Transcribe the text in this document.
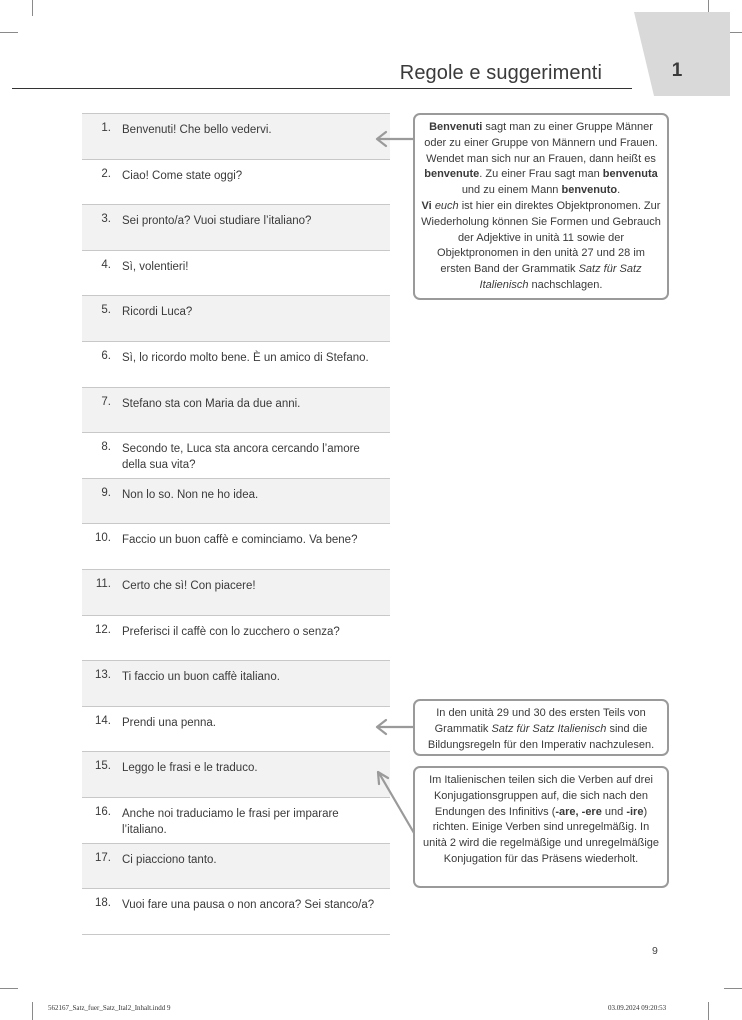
Regole e suggerimenti	1
1. Benvenuti! Che bello vedervi.
2. Ciao! Come state oggi?
3. Sei pronto/a? Vuoi studiare l’italiano?
4. Sì, volentieri!
5. Ricordi Luca?
6. Sì, lo ricordo molto bene. È un amico di Stefano.
7. Stefano sta con Maria da due anni.
8. Secondo te, Luca sta ancora cercando l’amore della sua vita?
9. Non lo so. Non ne ho idea.
10. Faccio un buon caffè e cominciamo. Va bene?
11. Certo che sì! Con piacere!
12. Preferisci il caffè con lo zucchero o senza?
13. Ti faccio un buon caffè italiano.
14. Prendi una penna.
15. Leggo le frasi e le traduco.
16. Anche noi traduciamo le frasi per imparare l’italiano.
17. Ci piacciono tanto.
18. Vuoi fare una pausa o non ancora? Sei stanco/a?

Benvenuti sagt man zu einer Gruppe Männer oder zu einer Gruppe von Männern und Frauen. Wendet man sich nur an Frauen, dann heißt es benvenute. Zu einer Frau sagt man benvenuta und zu einem Mann benvenuto.

Vi euch ist hier ein direktes Objektpronomen. Zur Wiederholung können Sie Formen und Gebrauch der Adjektive in unità 11 sowie der Objektpronomen in den unità 27 und 28 im ersten Band der Grammatik Satz für Satz Italienisch nachschlagen.

In den unità 29 und 30 des ersten Teils von Grammatik Satz für Satz Italienisch sind die Bildungsregeln für den Imperativ nachzulesen.

Im Italienischen teilen sich die Verben auf drei Konjugationsgruppen auf, die sich nach den Endungen des Infinitivs (-are, -ere und -ire) richten. Einige Verben sind unregelmäßig. In unità 2 wird die regelmäßige und unregelmäßige Konjugation für das Präsens wiederholt.

9
562167_Satz_fuer_Satz_Ital2_Inhalt.indd 9	03.09.2024 09:20:53
